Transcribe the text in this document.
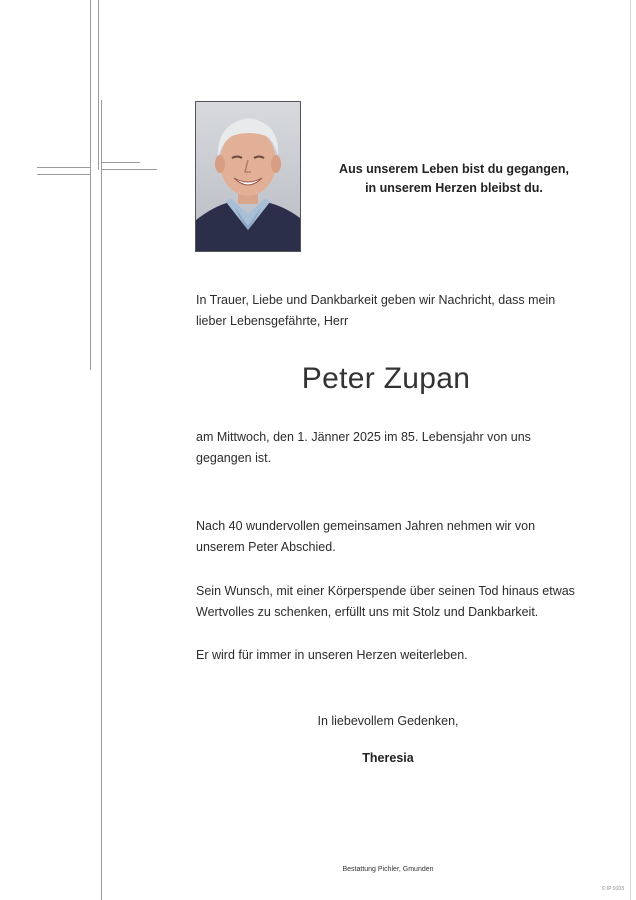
Aus unserem Leben bist du gegangen,
in unserem Herzen bleibst du.
In Trauer, Liebe und Dankbarkeit geben wir Nachricht, dass mein
lieber Lebensgefährte, Herr
Peter Zupan
am Mittwoch, den 1. Jänner 2025 im 85. Lebensjahr von uns
gegangen ist.
Nach 40 wundervollen gemeinsamen Jahren nehmen wir von
unserem Peter Abschied.
Sein Wunsch, mit einer Körperspende über seinen Tod hinaus etwas
Wertvolles zu schenken, erfüllt uns mit Stolz und Dankbarkeit.
Er wird für immer in unseren Herzen weiterleben.
In liebevollem Gedenken,
Theresia
Bestattung Pichler, Gmunden
© IP 9103
